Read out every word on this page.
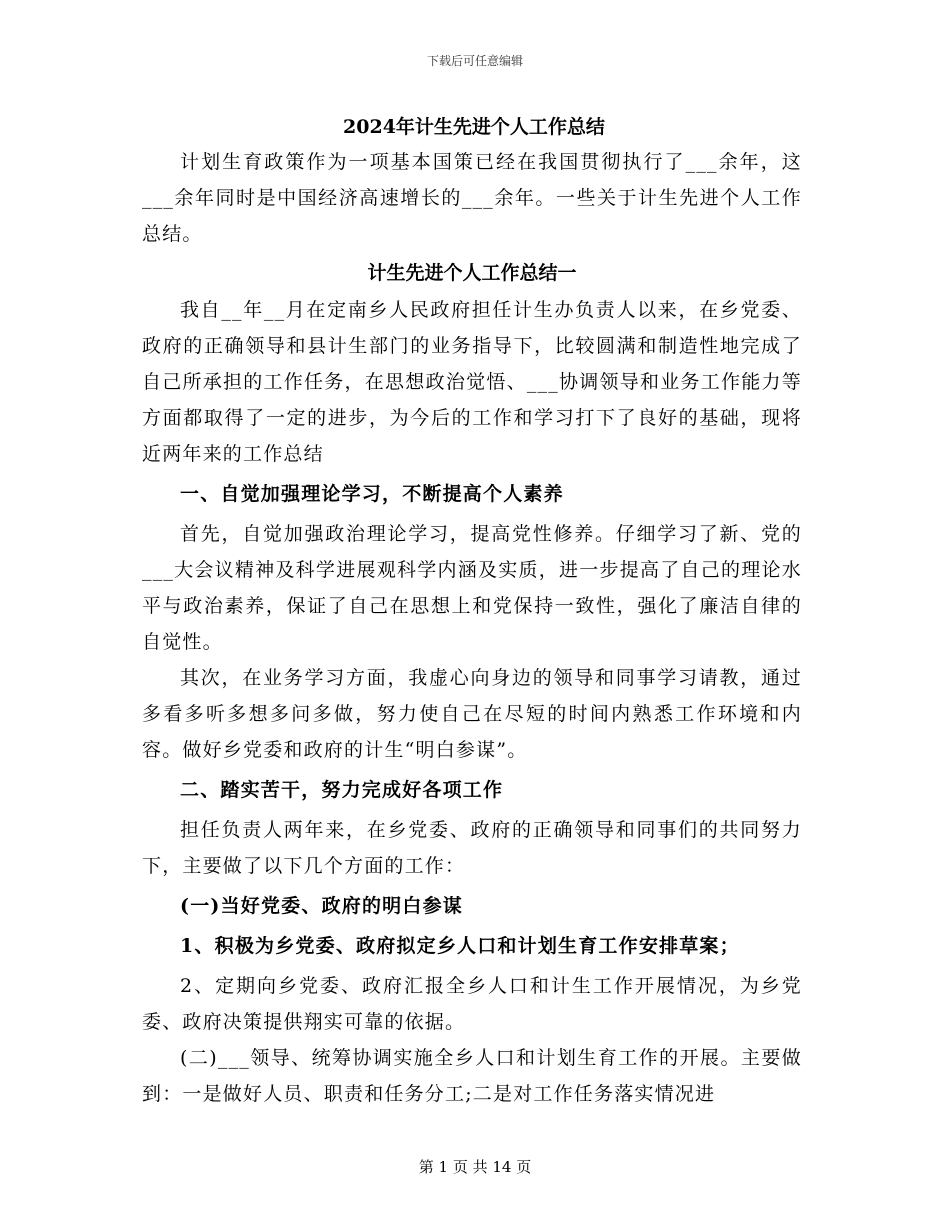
下载后可任意编辑
2024年计生先进个人工作总结

计划生育政策作为一项基本国策已经在我国贯彻执行了___余年，这___余年同时是中国经济高速增长的___余年。一些关于计生先进个人工作总结。

计生先进个人工作总结一

我自__年__月在定南乡人民政府担任计生办负责人以来，在乡党委、政府的正确领导和县计生部门的业务指导下，比较圆满和制造性地完成了自己所承担的工作任务，在思想政治觉悟、___协调领导和业务工作能力等方面都取得了一定的进步，为今后的工作和学习打下了良好的基础，现将近两年来的工作总结

一、自觉加强理论学习，不断提高个人素养

首先，自觉加强政治理论学习，提高党性修养。仔细学习了新、党的___大会议精神及科学进展观科学内涵及实质，进一步提高了自己的理论水平与政治素养，保证了自己在思想上和党保持一致性，强化了廉洁自律的自觉性。

其次，在业务学习方面，我虚心向身边的领导和同事学习请教，通过多看多听多想多问多做，努力使自己在尽短的时间内熟悉工作环境和内容。做好乡党委和政府的计生“明白参谋”。

二、踏实苦干，努力完成好各项工作

担任负责人两年来，在乡党委、政府的正确领导和同事们的共同努力下，主要做了以下几个方面的工作：

(一)当好党委、政府的明白参谋

1、积极为乡党委、政府拟定乡人口和计划生育工作安排草案；

2、定期向乡党委、政府汇报全乡人口和计生工作开展情况，为乡党委、政府决策提供翔实可靠的依据。

(二)___领导、统筹协调实施全乡人口和计划生育工作的开展。主要做到：一是做好人员、职责和任务分工;二是对工作任务落实情况进

第 1 页 共 14 页
